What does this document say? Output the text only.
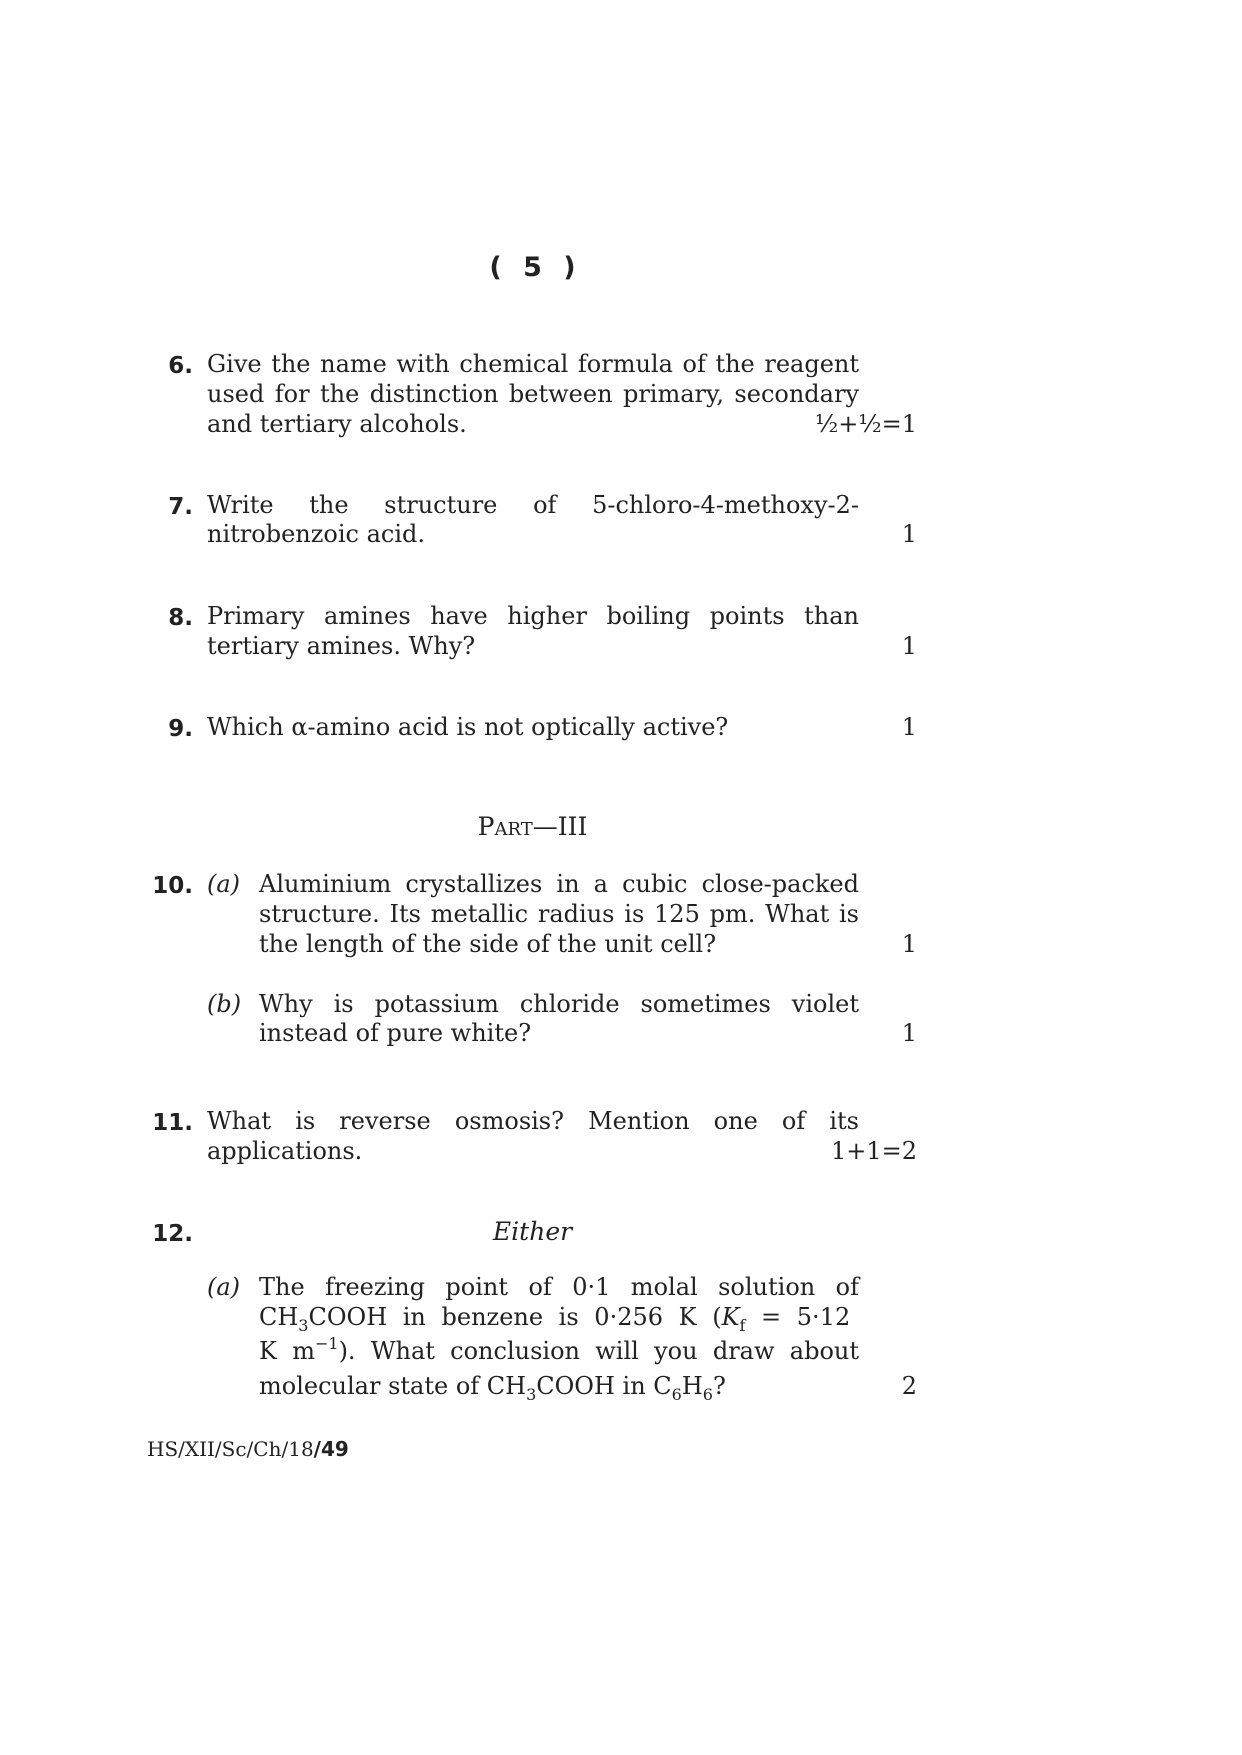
( 5 )
6. Give the name with chemical formula of the reagent
used for the distinction between primary, secondary
and tertiary alcohols.	½+½=1
7. Write the structure of 5-chloro-4-methoxy-2-
nitrobenzoic acid.	1
8. Primary amines have higher boiling points than
tertiary amines. Why?	1
9. Which α-amino acid is not optically active?	1
Part—III
10. (a) Aluminium crystallizes in a cubic close-packed
structure. Its metallic radius is 125 pm. What is
the length of the side of the unit cell?	1
(b) Why is potassium chloride sometimes violet
instead of pure white?	1
11. What is reverse osmosis? Mention one of its
applications.	1+1=2
12.	Either
(a) The freezing point of 0·1 molal solution of
$CH_3COOH$ in benzene is 0·256 K ($K_f = 5\cdot 12$
K $m^{-1}$). What conclusion will you draw about
molecular state of $CH_3COOH$ in $C_6H_6$?	2
HS/XII/Sc/Ch/18/49
